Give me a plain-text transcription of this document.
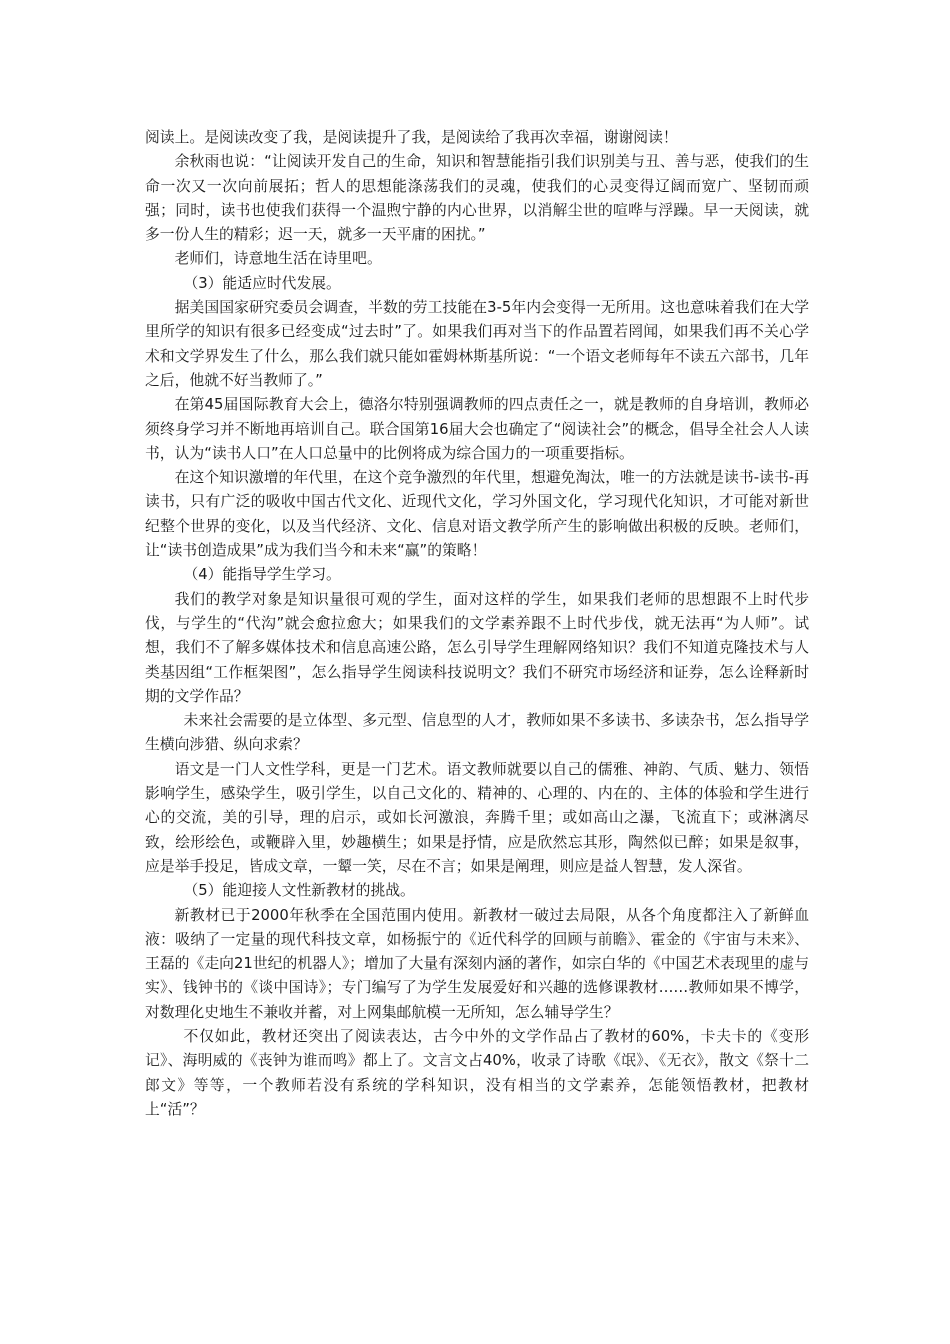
阅读上。是阅读改变了我，是阅读提升了我，是阅读给了我再次幸福，谢谢阅读！

余秋雨也说：“让阅读开发自己的生命，知识和智慧能指引我们识别美与丑、善与恶，使我们的生命一次又一次向前展拓；哲人的思想能涤荡我们的灵魂，使我们的心灵变得辽阔而宽广、坚韧而顽强；同时，读书也使我们获得一个温煦宁静的内心世界，以消解尘世的喧哗与浮躁。早一天阅读，就多一份人生的精彩；迟一天，就多一天平庸的困扰。”

老师们，诗意地生活在诗里吧。

（3）能适应时代发展。

据美国国家研究委员会调查，半数的劳工技能在3-5年内会变得一无所用。这也意味着我们在大学里所学的知识有很多已经变成“过去时”了。如果我们再对当下的作品置若罔闻，如果我们再不关心学术和文学界发生了什么，那么我们就只能如霍姆林斯基所说：“一个语文老师每年不读五六部书，几年之后，他就不好当教师了。”

在第45届国际教育大会上，德洛尔特别强调教师的四点责任之一，就是教师的自身培训，教师必须终身学习并不断地再培训自己。联合国第16届大会也确定了“阅读社会”的概念，倡导全社会人人读书，认为“读书人口”在人口总量中的比例将成为综合国力的一项重要指标。

在这个知识激增的年代里，在这个竞争激烈的年代里，想避免淘汰，唯一的方法就是读书-读书-再读书，只有广泛的吸收中国古代文化、近现代文化，学习外国文化，学习现代化知识，才可能对新世纪整个世界的变化，以及当代经济、文化、信息对语文教学所产生的影响做出积极的反映。老师们，让“读书创造成果”成为我们当今和未来“赢”的策略！

（4）能指导学生学习。

我们的教学对象是知识量很可观的学生，面对这样的学生，如果我们老师的思想跟不上时代步伐，与学生的“代沟”就会愈拉愈大；如果我们的文学素养跟不上时代步伐，就无法再“为人师”。试想，我们不了解多媒体技术和信息高速公路，怎么引导学生理解网络知识？我们不知道克隆技术与人类基因组“工作框架图”，怎么指导学生阅读科技说明文？我们不研究市场经济和证券，怎么诠释新时期的文学作品？

未来社会需要的是立体型、多元型、信息型的人才，教师如果不多读书、多读杂书，怎么指导学生横向涉猎、纵向求索？

语文是一门人文性学科，更是一门艺术。语文教师就要以自己的儒雅、神韵、气质、魅力、领悟影响学生，感染学生，吸引学生，以自己文化的、精神的、心理的、内在的、主体的体验和学生进行心的交流，美的引导，理的启示，或如长河激浪，奔腾千里；或如高山之瀑，飞流直下；或淋漓尽致，绘形绘色，或鞭辟入里，妙趣横生；如果是抒情，应是欣然忘其形，陶然似已醉；如果是叙事，应是举手投足，皆成文章，一颦一笑，尽在不言；如果是阐理，则应是益人智慧，发人深省。

（5）能迎接人文性新教材的挑战。

新教材已于2000年秋季在全国范围内使用。新教材一破过去局限，从各个角度都注入了新鲜血液：吸纳了一定量的现代科技文章，如杨振宁的《近代科学的回顾与前瞻》、霍金的《宇宙与未来》、王磊的《走向21世纪的机器人》；增加了大量有深刻内涵的著作，如宗白华的《中国艺术表现里的虚与实》、钱钟书的《谈中国诗》；专门编写了为学生发展爱好和兴趣的选修课教材……教师如果不博学，对数理化史地生不兼收并蓄，对上网集邮航模一无所知，怎么辅导学生？

不仅如此，教材还突出了阅读表达，古今中外的文学作品占了教材的60%，卡夫卡的《变形记》、海明威的《丧钟为谁而鸣》都上了。文言文占40%，收录了诗歌《氓》、《无衣》，散文《祭十二郎文》等等，一个教师若没有系统的学科知识，没有相当的文学素养，怎能领悟教材，把教材上“活”？
